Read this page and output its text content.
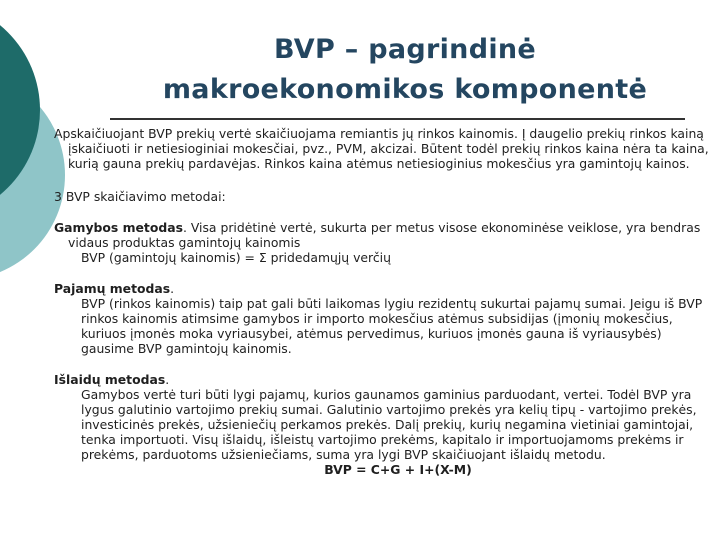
BVP – pagrindinė
makroekonomikos komponentė

Apskaičiuojant BVP prekių vertė skaičiuojama remiantis jų rinkos kainomis. Į daugelio prekių rinkos kainą įskaičiuoti ir netiesioginiai mokesčiai, pvz., PVM, akcizai. Būtent todėl prekių rinkos kaina nėra ta kaina, kurią gauna prekių pardavėjas. Rinkos kaina atėmus netiesioginius mokesčius yra gamintojų kainos.

3 BVP skaičiavimo metodai:

Gamybos metodas. Visa pridėtinė vertė, sukurta per metus visose ekonominėse veiklose, yra bendras vidaus produktas gamintojų kainomis

BVP (gamintojų kainomis) = Σ pridedamųjų verčių

Pajamų metodas.

BVP (rinkos kainomis) taip pat gali būti laikomas lygiu rezidentų sukurtai pajamų sumai. Jeigu iš BVP rinkos kainomis atimsime gamybos ir importo mokesčius atėmus subsidijas (įmonių mokesčius, kuriuos įmonės moka vyriausybei, atėmus pervedimus, kuriuos įmonės gauna iš vyriausybės) gausime BVP gamintojų kainomis.

Išlaidų metodas.

Gamybos vertė turi būti lygi pajamų, kurios gaunamos gaminius parduodant, vertei. Todėl BVP yra lygus galutinio vartojimo prekių sumai. Galutinio vartojimo prekės yra kelių tipų - vartojimo prekės, investicinės prekės, užsieniečių perkamos prekės. Dalį prekių, kurių negamina vietiniai gamintojai, tenka importuoti. Visų išlaidų, išleistų vartojimo prekėms, kapitalo ir importuojamoms prekėms ir prekėms, parduotoms užsieniečiams, suma yra lygi BVP skaičiuojant išlaidų metodu.

BVP = C+G + I+(X-M)
